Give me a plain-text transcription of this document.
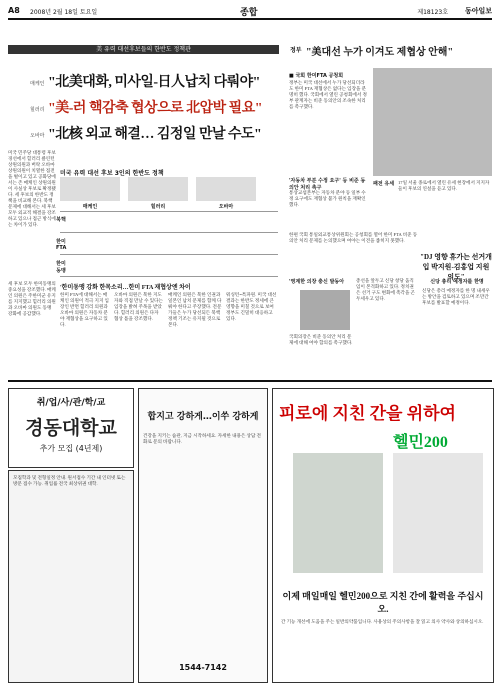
A8 2008년 2월 18일 토요일	종합	제18123호 동아일보
美 유력 대선후보들의 한반도 정책관
매케인 "北美대화, 미사일-日人납치 다뤄야"
힐러리 "美-러 핵감축 협상으로 北압박 필요"
오바마 "北核 외교 해결… 김정일 만날 수도"
미국 민주당 대통령 후보 경선에서 힐러리 클린턴 상원의원과 버락 오바마 상원의원이 치열한 접전을 벌이고 있고 공화당에서는 존 매케인 상원의원이 사실상 후보로 확정됐다. 세 후보의 한반도 정책을 비교해 본다. 북핵 문제에 대해서는 세 후보 모두 외교적 해결을 강조하고 있으나 접근 방식에는 차이가 있다.
미국 유력 대선 후보 3인의 한반도 정책
매케인	힐러리	오바마
북핵
한미 FTA
한미 동맹
'한미동맹 강화 한목소리…한미 FTA 재협상엔 차이
세 후보 모두 한미동맹의 중요성을 강조했다. 매케인 의원은 주한미군 유지를 지지했고 힐러리 의원과 오바마 의원도 동맹 강화에 공감했다.
한미 FTA에 대해서는 매케인 의원이 적극 지지 입장인 반면 힐러리 의원과 오바마 의원은 자동차 분야 재협상을 요구하고 있다.
오바마 의원은 북한 지도자와 직접 만날 수 있다는 입장을 밝혀 주목을 받았다. 힐러리 의원은 다자 협상 틀을 강조했다.
매케인 의원은 북한 인권과 일본인 납치 문제를 함께 다뤄야 한다고 주장했다. 전문가들은 누가 당선되든 북핵 정책 기조는 유지될 것으로 본다.
워싱턴=특파원. 미국 대선 결과는 한반도 정세에 큰 영향을 미칠 것으로 보여 정부도 긴밀히 대응하고 있다.
정부 "美대선 누가 이겨도 제협상 안해"
■ 국회 한미FTA 공청회
정부는 미국 대선에서 누가 당선되더라도 한미 FTA 재협상은 없다는 입장을 분명히 했다. 국회에서 열린 공청회에서 정부 관계자는 비준 동의안의 조속한 처리를 촉구했다.
'자동차 부분 수정 요구' 등 비준 동의안 처리 촉구
통상교섭본부는 자동차 분야 등 일부 수정 요구에도 재협상 불가 원칙을 재확인했다.
패전 유세 17일 서울 종로에서 열린 유세 현장에서 지지자들이 후보의 연설을 듣고 있다.
한편 국회 통일외교통상위원회는 공청회를 열어 한미 FTA 비준 동의안 처리 문제를 논의했으며 여야는 이견을 좁히지 못했다.
"DJ 영향 휴가는 선거개입 박지원-김홍업 지원 의도"
'영계한 의장 충신 발동아
국회의장은 비준 동의안 처리 문제에 대해 여야 합의를 촉구했다.
총선을 앞두고 신당 창당 움직임이 본격화하고 있다. 정치권은 선거 구도 변화에 촉각을 곤두세우고 있다.
신당 총리 예정자를 한명
신당은 총리 예정자를 한 명 내세우는 방안을 검토하고 있으며 조만간 후보를 발표할 예정이다.
취/업/사/관/학/교
경동대학교
추가 모집 (4년제)
모집학과 및 전형일정 안내. 원서접수 기간 내 인터넷 또는 방문 접수 가능. 취업률 전국 최상위권 대학.
합지고 강하게…이쑤 강하게
건강을 지키는 습관, 지금 시작하세요. 자세한 내용은 상담 전화로 문의 바랍니다.
1544-7142
피로에 지친 간을 위하여
헬민200
이제 매일매일 헬민200으로 지친 간에 활력을 주십시오.
간 기능 개선에 도움을 주는 일반의약품입니다. 사용상의 주의사항을 잘 읽고 의사 약사와 상의하십시오.
